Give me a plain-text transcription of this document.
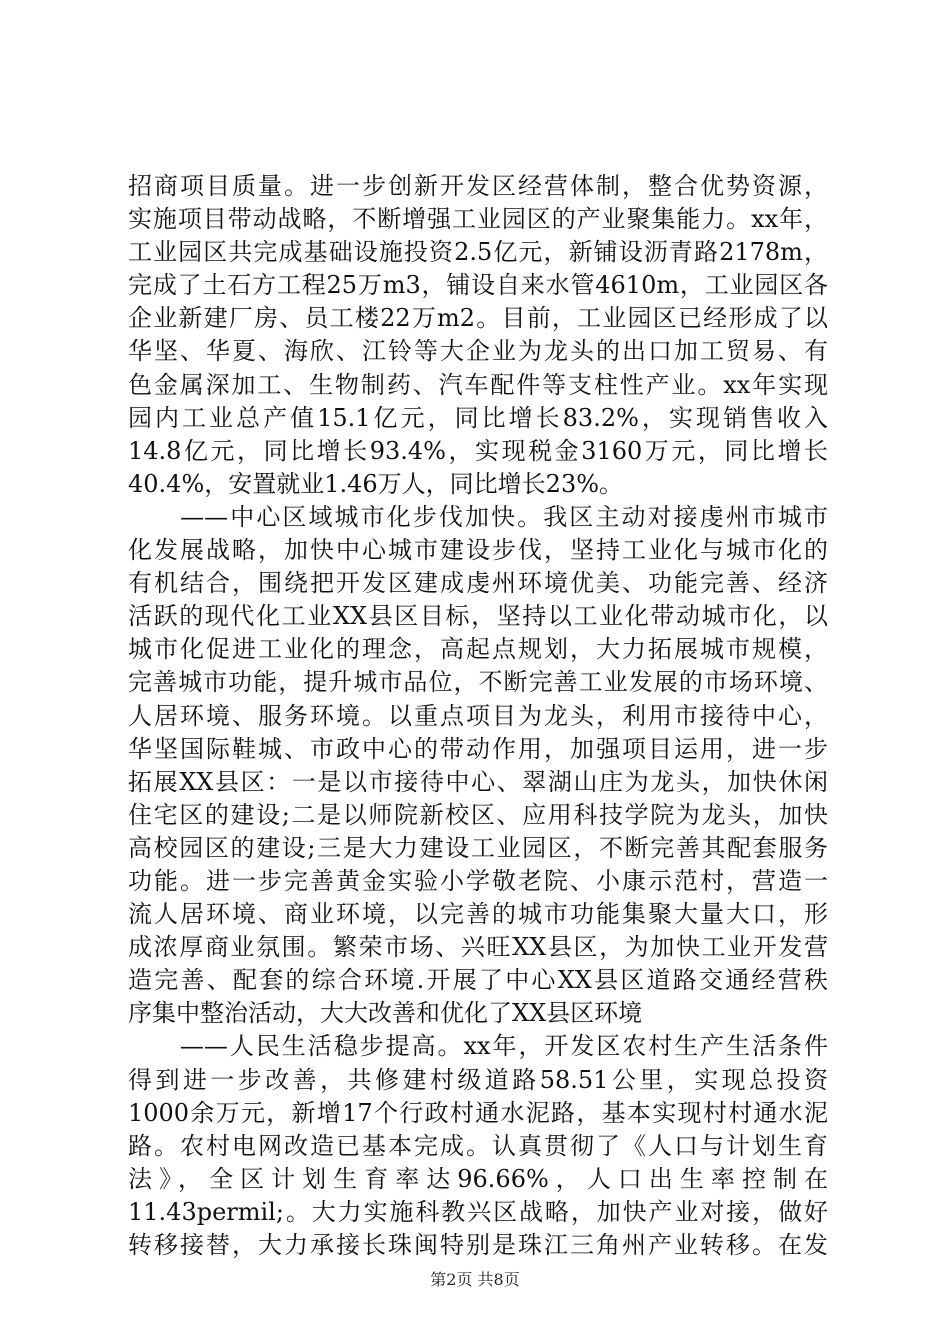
招商项目质量。进一步创新开发区经营体制，整合优势资源，
实施项目带动战略，不断增强工业园区的产业聚集能力。xx年，
工业园区共完成基础设施投资2.5亿元，新铺设沥青路2178m，
完成了土石方工程25万m3，铺设自来水管4610m，工业园区各
企业新建厂房、员工楼22万m2。目前，工业园区已经形成了以
华坚、华夏、海欣、江铃等大企业为龙头的出口加工贸易、有
色金属深加工、生物制药、汽车配件等支柱性产业。xx年实现
园内工业总产值15.1亿元，同比增长83.2%，实现销售收入
14.8亿元，同比增长93.4%，实现税金3160万元，同比增长
40.4%，安置就业1.46万人，同比增长23%。
　　——中心区域城市化步伐加快。我区主动对接虔州市城市
化发展战略，加快中心城市建设步伐，坚持工业化与城市化的
有机结合，围绕把开发区建成虔州环境优美、功能完善、经济
活跃的现代化工业XX县区目标，坚持以工业化带动城市化，以
城市化促进工业化的理念，高起点规划，大力拓展城市规模，
完善城市功能，提升城市品位，不断完善工业发展的市场环境、
人居环境、服务环境。以重点项目为龙头，利用市接待中心，
华坚国际鞋城、市政中心的带动作用，加强项目运用，进一步
拓展XX县区：一是以市接待中心、翠湖山庄为龙头，加快休闲
住宅区的建设;二是以师院新校区、应用科技学院为龙头，加快
高校园区的建设;三是大力建设工业园区，不断完善其配套服务
功能。进一步完善黄金实验小学敬老院、小康示范村，营造一
流人居环境、商业环境，以完善的城市功能集聚大量大口，形
成浓厚商业氛围。繁荣市场、兴旺XX县区，为加快工业开发营
造完善、配套的综合环境.开展了中心XX县区道路交通经营秩
序集中整治活动，大大改善和优化了XX县区环境
　　——人民生活稳步提高。xx年，开发区农村生产生活条件
得到进一步改善，共修建村级道路58.51公里，实现总投资
1000余万元，新增17个行政村通水泥路，基本实现村村通水泥
路。农村电网改造已基本完成。认真贯彻了《人口与计划生育
法》，全区计划生育率达96.66%，人口出生率控制在
11.43permil;。大力实施科教兴区战略，加快产业对接，做好
转移接替，大力承接长珠闽特别是珠江三角州产业转移。在发
第2页 共8页
